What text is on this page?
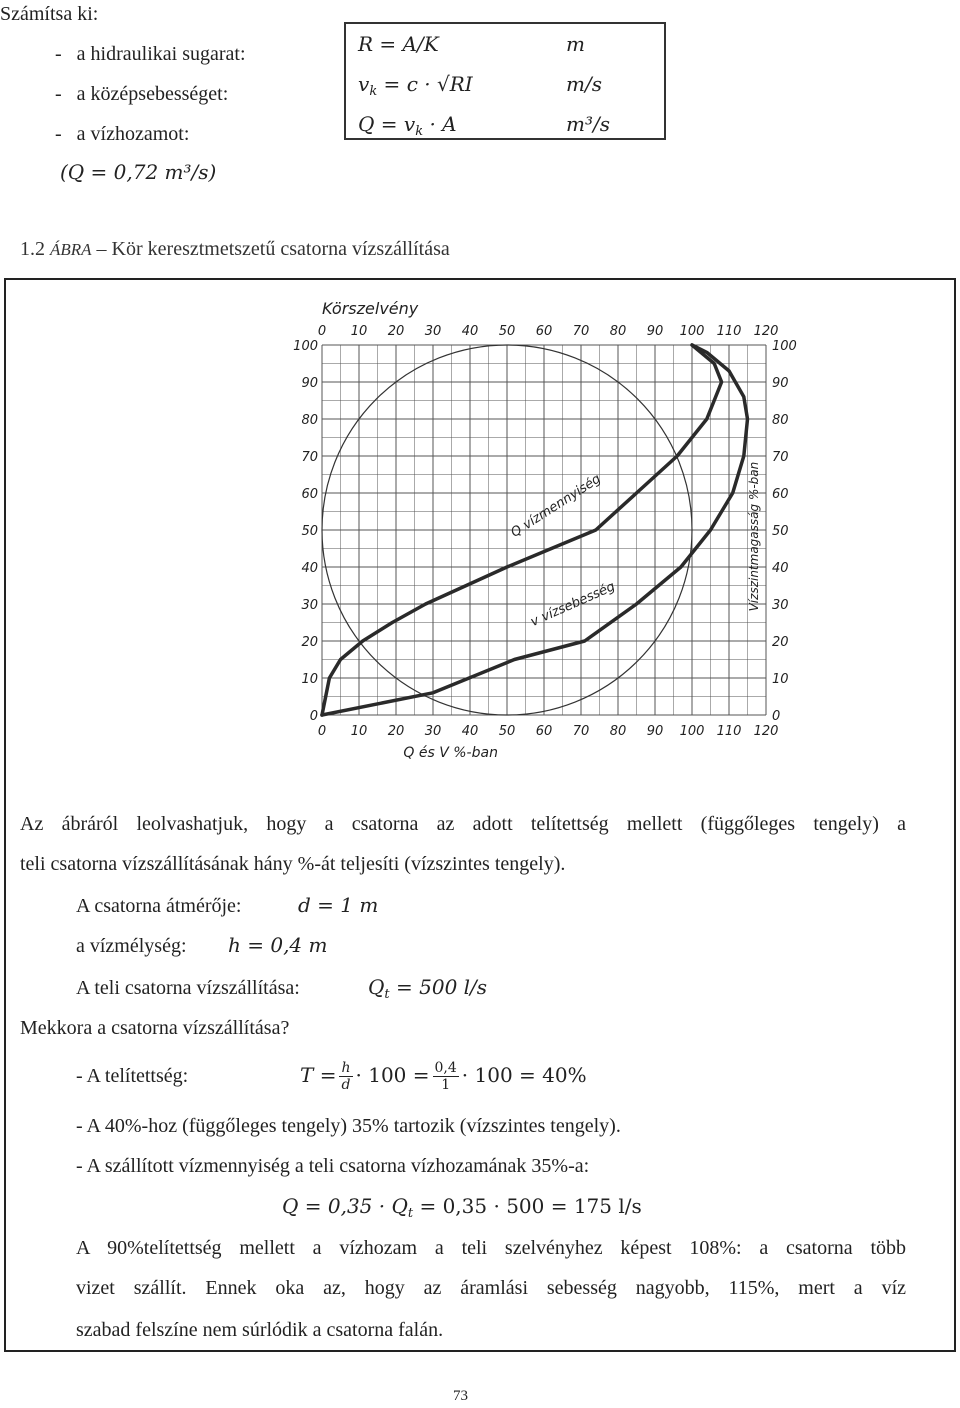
Számítsa ki:
-   a hidraulikai sugarat:
-   a középsebességet:
-   a vízhozamot:
(Q = 0,72 m³/s)
R = A/K	m
$v_k = c \cdot √RI$	m/s
$Q = v_k \cdot A$	m³/s
1.2 ÁBRA – Kör keresztmetszetű csatorna vízszállítása
0 10 20 30 40 50 60 70 80 90 100 110 120
0 10 20 30 40 50 60 70 80 90 100 110 120
100
90
80
70
60
50
40
30
20
10
0
100
90
80
70
60
50
40
30
20
10
0
Körszelvény
Q vízmennyiség
v vízsebesség	Vízszintmagasság %-ban
Q és V %-ban
Az ábráról leolvashatjuk, hogy a csatorna az adott telítettség mellett (függőleges tengely) a
teli csatorna vízszállításának hány %-át teljesíti (vízszintes tengely).
A csatorna átmérője:	d = 1 m
a vízmélység: h = 0,4 m
A teli csatorna vízszállítása:	$Q_t = 500$ l/s
Mekkora a csatorna vízszállítása?
- A telítettség:	$T = \frac{h}{d} \cdot 100 = \frac{0,4}{1} \cdot 100 = 40\%$
- A 40%-hoz (függőleges tengely) 35% tartozik (vízszintes tengely).
- A szállított vízmennyiség a teli csatorna vízhozamának 35%-a:
$Q = 0,35 \cdot Q_t = 0,35 \cdot 500 = 175$ l/s
A 90%telítettség mellett a vízhozam a teli szelvényhez képest 108%: a csatorna több
vizet szállít. Ennek oka az, hogy az áramlási sebesség nagyobb, 115%, mert a víz
szabad felszíne nem súrlódik a csatorna falán.
73
